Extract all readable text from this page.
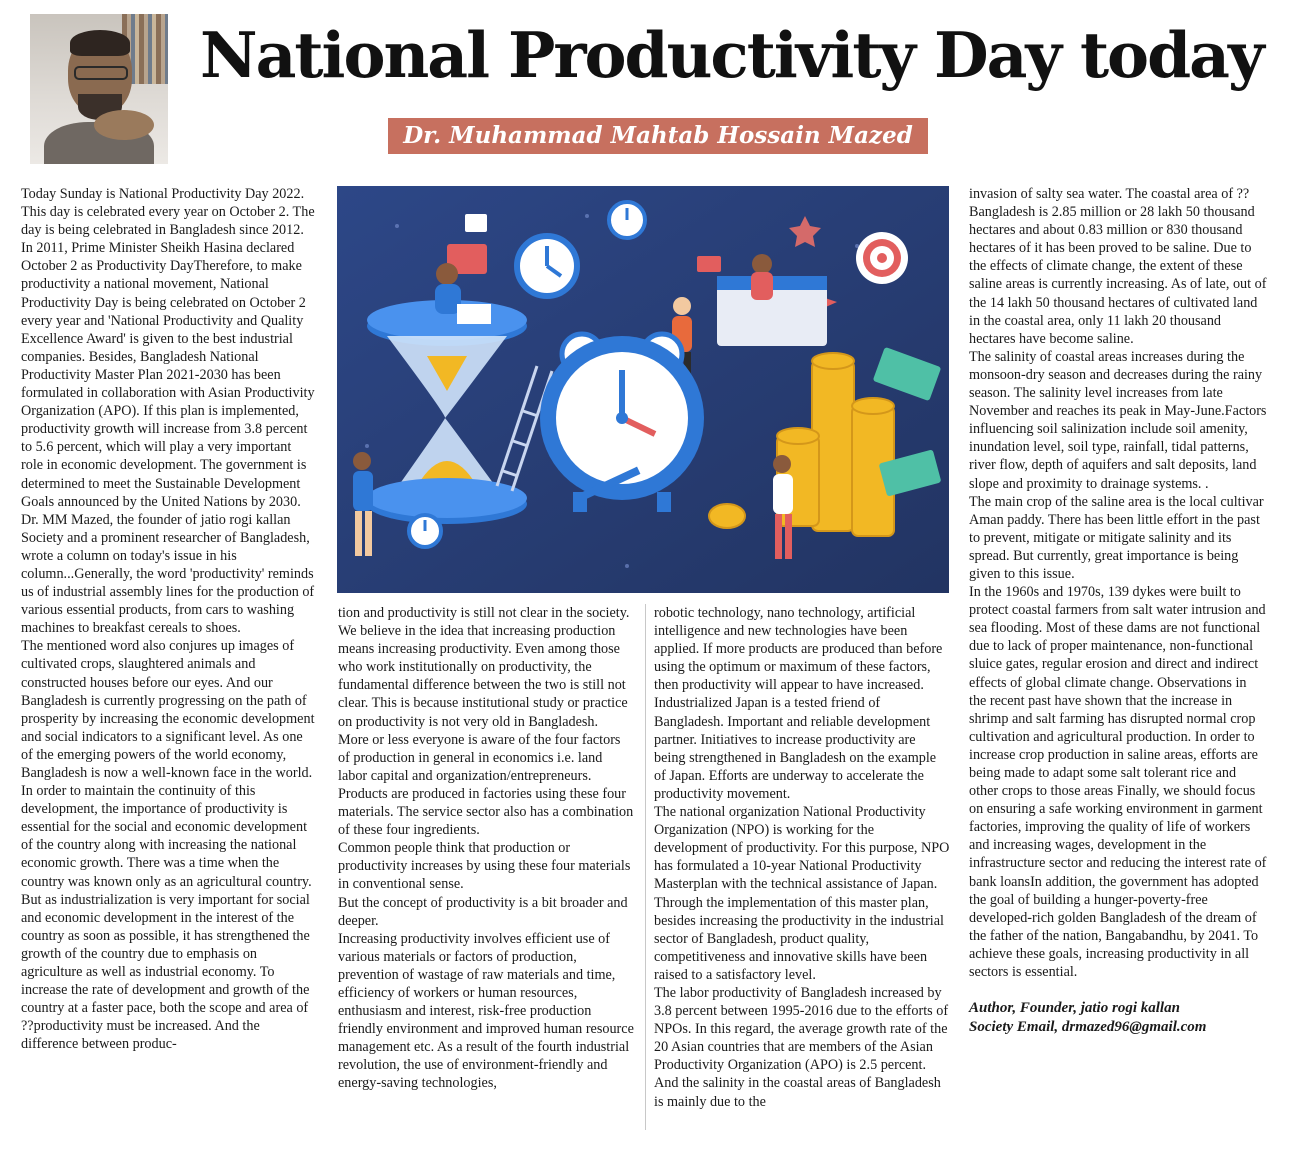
National Productivity Day today
Dr. Muhammad Mahtab Hossain Mazed

Today Sunday is National Productivity Day 2022. This day is celebrated every year on October 2. The day is being celebrated in Bangladesh since 2012. In 2011, Prime Minister Sheikh Hasina declared October 2 as Productivity DayTherefore, to make productivity a national movement, National Productivity Day is being celebrated on October 2 every year and 'National Productivity and Quality Excellence Award' is given to the best industrial companies. Besides, Bangladesh National Productivity Master Plan 2021-2030 has been formulated in collaboration with Asian Productivity Organization (APO). If this plan is implemented, productivity growth will increase from 3.8 percent to 5.6 percent, which will play a very important role in economic development. The government is determined to meet the Sustainable Development Goals announced by the United Nations by 2030. Dr. MM Mazed, the founder of jatio rogi kallan Society and a prominent researcher of Bangladesh, wrote a column on today's issue in his column...Generally, the word 'productivity' reminds us of industrial assembly lines for the production of various essential products, from cars to washing machines to breakfast cereals to shoes.

The mentioned word also conjures up images of cultivated crops, slaughtered animals and constructed houses before our eyes. And our Bangladesh is currently progressing on the path of prosperity by increasing the economic development and social indicators to a significant level. As one of the emerging powers of the world economy, Bangladesh is now a well-known face in the world.

In order to maintain the continuity of this development, the importance of productivity is essential for the social and economic development of the country along with increasing the national economic growth. There was a time when the country was known only as an agricultural country. But as industrialization is very important for social and economic development in the interest of the country as soon as possible, it has strengthened the growth of the country due to emphasis on agriculture as well as industrial economy. To increase the rate of development and growth of the country at a faster pace, both the scope and area of ??productivity must be increased. And the difference between produc-

tion and productivity is still not clear in the society.

We believe in the idea that increasing production means increasing productivity. Even among those who work institutionally on productivity, the fundamental difference between the two is still not clear. This is because institutional study or practice on productivity is not very old in Bangladesh.

More or less everyone is aware of the four factors of production in general in economics i.e. land labor capital and organization/entrepreneurs. Products are produced in factories using these four materials. The service sector also has a combination of these four ingredients.

Common people think that production or productivity increases by using these four materials in conventional sense.

But the concept of productivity is a bit broader and deeper.

Increasing productivity involves efficient use of various materials or factors of production, prevention of wastage of raw materials and time, efficiency of workers or human resources, enthusiasm and interest, risk-free production friendly environment and improved human resource management etc. As a result of the fourth industrial revolution, the use of environment-friendly and energy-saving technologies,

robotic technology, nano technology, artificial intelligence and new technologies have been applied. If more products are produced than before using the optimum or maximum of these factors, then productivity will appear to have increased.

Industrialized Japan is a tested friend of Bangladesh. Important and reliable development partner. Initiatives to increase productivity are being strengthened in Bangladesh on the example of Japan. Efforts are underway to accelerate the productivity movement.

The national organization National Productivity Organization (NPO) is working for the development of productivity. For this purpose, NPO has formulated a 10-year National Productivity Masterplan with the technical assistance of Japan. Through the implementation of this master plan, besides increasing the productivity in the industrial sector of Bangladesh, product quality, competitiveness and innovative skills have been raised to a satisfactory level.

The labor productivity of Bangladesh increased by 3.8 percent between 1995-2016 due to the efforts of NPOs. In this regard, the average growth rate of the 20 Asian countries that are members of the Asian Productivity Organization (APO) is 2.5 percent. And the salinity in the coastal areas of Bangladesh is mainly due to the

invasion of salty sea water. The coastal area of ??Bangladesh is 2.85 million or 28 lakh 50 thousand hectares and about 0.83 million or 830 thousand hectares of it has been proved to be saline. Due to the effects of climate change, the extent of these saline areas is currently increasing. As of late, out of the 14 lakh 50 thousand hectares of cultivated land in the coastal area, only 11 lakh 20 thousand hectares have become saline.

The salinity of coastal areas increases during the monsoon-dry season and decreases during the rainy season. The salinity level increases from late November and reaches its peak in May-June.Factors influencing soil salinization include soil amenity, inundation level, soil type, rainfall, tidal patterns, river flow, depth of aquifers and salt deposits, land slope and proximity to drainage systems. .

The main crop of the saline area is the local cultivar Aman paddy. There has been little effort in the past to prevent, mitigate or mitigate salinity and its spread. But currently, great importance is being given to this issue.

In the 1960s and 1970s, 139 dykes were built to protect coastal farmers from salt water intrusion and sea flooding. Most of these dams are not functional due to lack of proper maintenance, non-functional sluice gates, regular erosion and direct and indirect effects of global climate change. Observations in the recent past have shown that the increase in shrimp and salt farming has disrupted normal crop cultivation and agricultural production. In order to increase crop production in saline areas, efforts are being made to adapt some salt tolerant rice and other crops to those areas Finally, we should focus on ensuring a safe working environment in garment factories, improving the quality of life of workers and increasing wages, development in the infrastructure sector and reducing the interest rate of bank loansIn addition, the government has adopted the goal of building a hunger-poverty-free developed-rich golden Bangladesh of the dream of the father of the nation, Bangabandhu, by 2041. To achieve these goals, increasing productivity in all sectors is essential.

Author, Founder, jatio rogi kallan
Society Email, drmazed96@gmail.com
